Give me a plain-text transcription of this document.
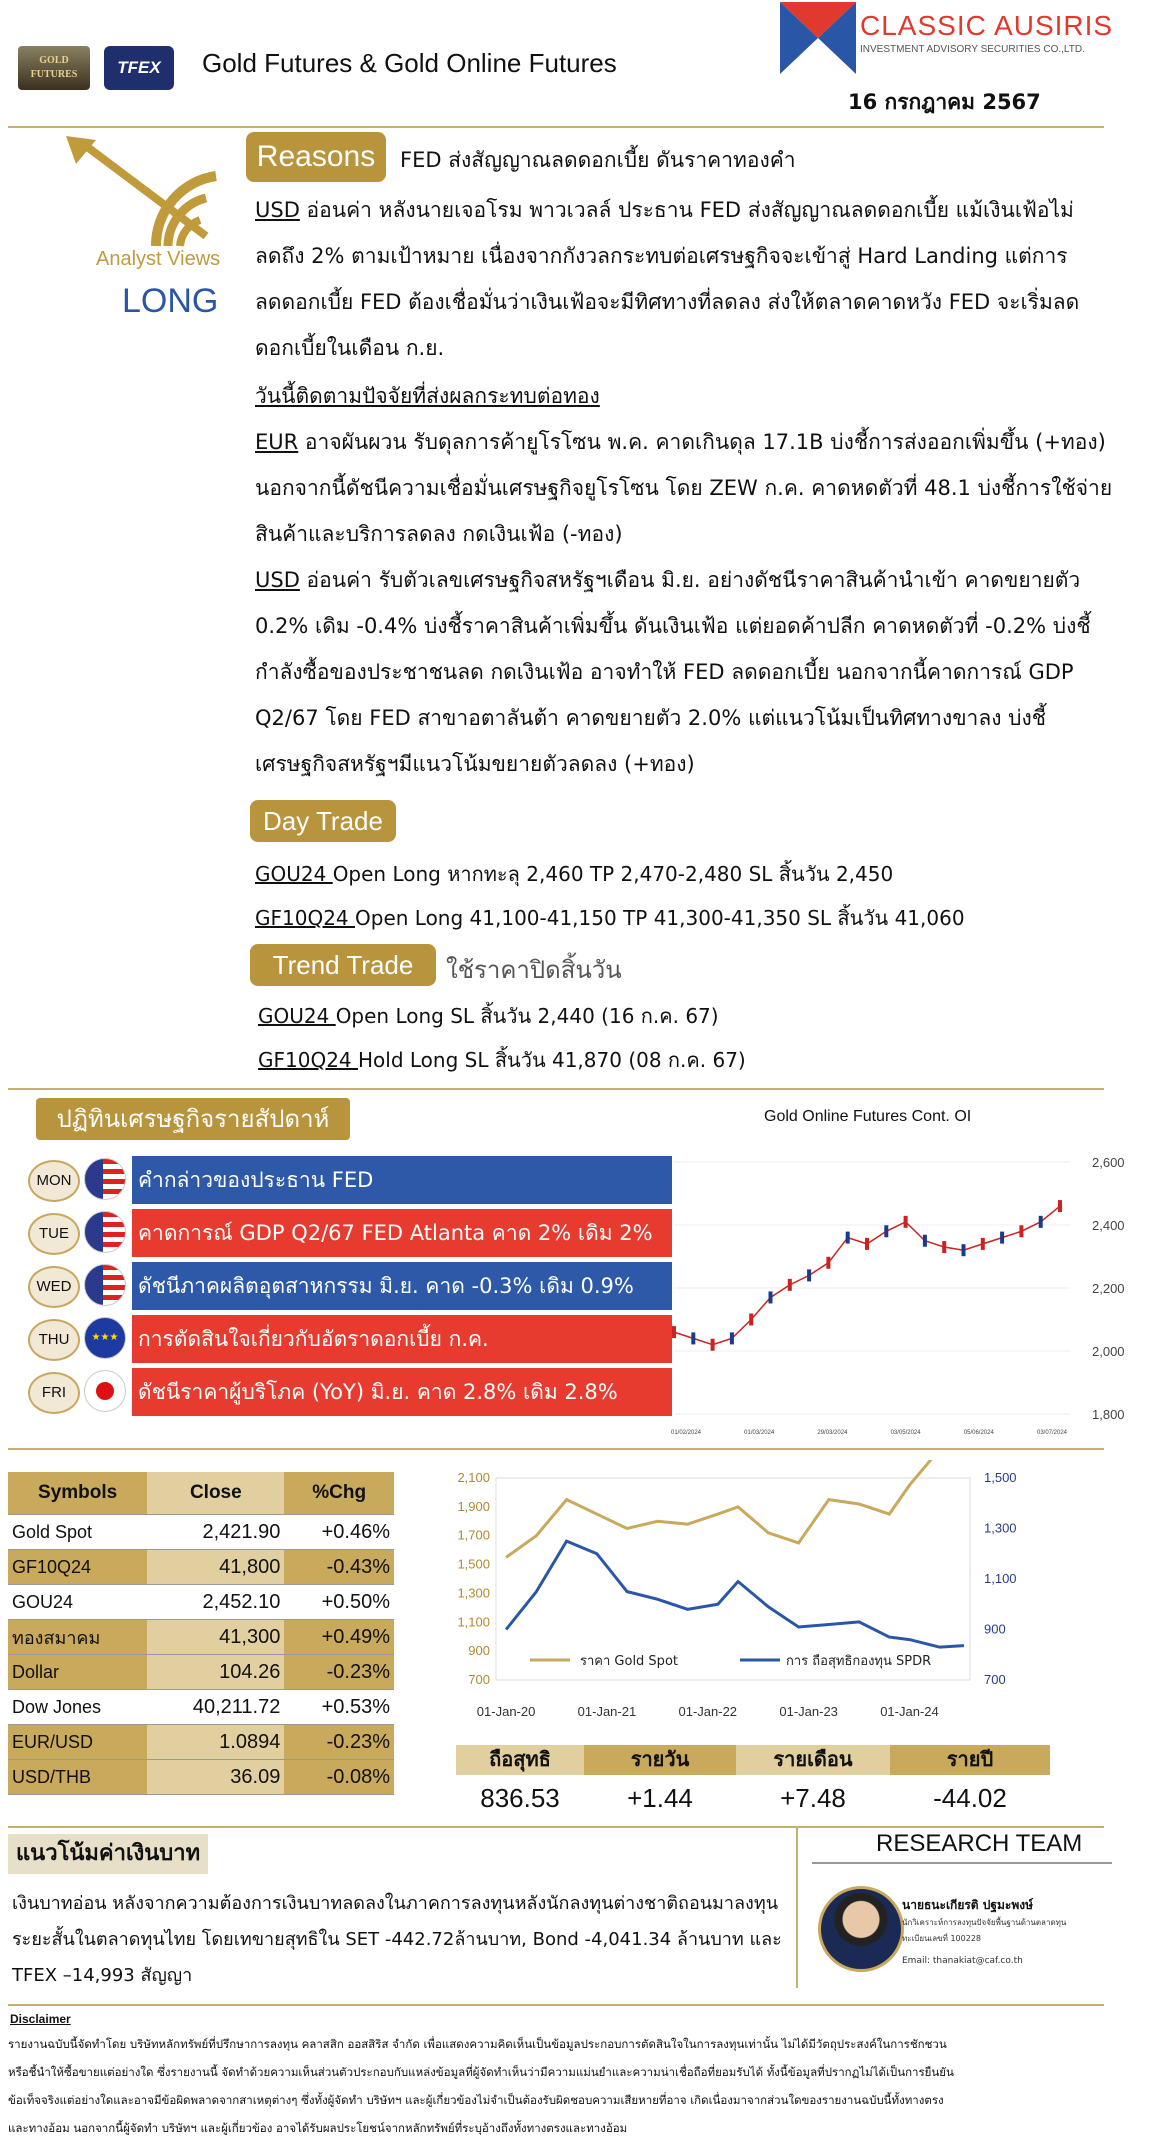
GOLD FUTURES	TFEX	Gold Futures & Gold Online Futures
CLASSIC AUSIRIS
INVESTMENT ADVISORY SECURITIES CO.,LTD.
16 กรกฎาคม 2567
Analyst Views
LONG
Reasons	FED ส่งสัญญาณลดดอกเบี้ย ดันราคาทองคำ
USD อ่อนค่า หลังนายเจอโรม พาวเวลล์ ประธาน FED ส่งสัญญาณลดดอกเบี้ย แม้เงินเฟ้อไม่
ลดถึง 2% ตามเป้าหมาย เนื่องจากกังวลกระทบต่อเศรษฐกิจจะเข้าสู่ Hard Landing แต่การ
ลดดอกเบี้ย FED ต้องเชื่อมั่นว่าเงินเฟ้อจะมีทิศทางที่ลดลง ส่งให้ตลาดคาดหวัง FED จะเริ่มลด
ดอกเบี้ยในเดือน ก.ย.
วันนี้ติดตามปัจจัยที่ส่งผลกระทบต่อทอง
EUR อาจผันผวน รับดุลการค้ายูโรโซน พ.ค. คาดเกินดุล 17.1B บ่งชี้การส่งออกเพิ่มขึ้น (+ทอง)
นอกจากนี้ดัชนีความเชื่อมั่นเศรษฐกิจยูโรโซน โดย ZEW ก.ค. คาดหดตัวที่ 48.1 บ่งชี้การใช้จ่าย
สินค้าและบริการลดลง กดเงินเฟ้อ (-ทอง)
USD อ่อนค่า รับตัวเลขเศรษฐกิจสหรัฐฯเดือน มิ.ย. อย่างดัชนีราคาสินค้านำเข้า คาดขยายตัว
0.2% เดิม -0.4% บ่งชี้ราคาสินค้าเพิ่มขึ้น ดันเงินเฟ้อ แต่ยอดค้าปลีก คาดหดตัวที่ -0.2% บ่งชี้
กำลังซื้อของประชาชนลด กดเงินเฟ้อ อาจทำให้ FED ลดดอกเบี้ย นอกจากนี้คาดการณ์ GDP
Q2/67 โดย FED สาขาอตาลันต้า คาดขยายตัว 2.0% แต่แนวโน้มเป็นทิศทางขาลง บ่งชี้
เศรษฐกิจสหรัฐฯมีแนวโน้มขยายตัวลดลง (+ทอง)
Day Trade
GOU24 Open Long หากทะลุ 2,460 TP 2,470-2,480 SL สิ้นวัน 2,450
GF10Q24 Open Long 41,100-41,150 TP 41,300-41,350 SL สิ้นวัน 41,060
Trend Trade	ใช้ราคาปิดสิ้นวัน
GOU24 Open Long SL สิ้นวัน 2,440 (16 ก.ค. 67)
GF10Q24 Hold Long SL สิ้นวัน 41,870 (08 ก.ค. 67)
ปฏิทินเศรษฐกิจรายสัปดาห์
MON	คำกล่าวของประธาน FED
TUE	คาดการณ์ GDP Q2/67 FED Atlanta คาด 2% เดิม 2%
WED	ดัชนีภาคผลิตอุตสาหกรรม มิ.ย. คาด -0.3% เดิม 0.9%
THU	★★★ การตัดสินใจเกี่ยวกับอัตราดอกเบี้ย ก.ค.
FRI	ดัชนีราคาผู้บริโภค (YoY) มิ.ย. คาด 2.8% เดิม 2.8%
Gold Online Futures Cont. OI
2,600
2,400
2,200
2,000
1,800
01/02/2024	01/03/2024	29/03/2024	03/05/2024	05/06/2024	03/07/2024
Symbols	Close	%Chg
Gold Spot	2,421.90	+0.46%
GF10Q24	41,800	-0.43%
GOU24	2,452.10	+0.50%
ทองสมาคม	41,300	+0.49%
Dollar	104.26	-0.23%
Dow Jones	40,211.72	+0.53%
EUR/USD	1.0894	-0.23%
USD/THB	36.09	-0.08%
2,100
1,900
1,700
1,500
1,300
1,100
900
700
1,500
1,300
1,100
900
700
01-Jan-20	01-Jan-21	01-Jan-22	01-Jan-23	01-Jan-24
ราคา Gold Spot	การ ถือสุทธิกองทุน SPDR
ถือสุทธิ	รายวัน	รายเดือน	รายปี
836.53	+1.44	+7.48	-44.02
แนวโน้มค่าเงินบาท
เงินบาทอ่อน หลังจากความต้องการเงินบาทลดลงในภาคการลงทุนหลังนักลงทุนต่างชาติถอนมาลงทุน
ระยะสั้นในตลาดทุนไทย โดยเทขายสุทธิใน SET -442.72ล้านบาท, Bond -4,041.34 ล้านบาท และ
TFEX –14,993 สัญญา
RESEARCH TEAM
นายธนะเกียรติ ปฐมะพงษ์
นักวิเคราะห์การลงทุนปัจจัยพื้นฐานด้านตลาดทุน
ทะเบียนเลขที่ 100228
Email: thanakiat@caf.co.th
Disclaimer
รายงานฉบับนี้จัดทำโดย บริษัทหลักทรัพย์ที่ปรึกษาการลงทุน คลาสสิก ออสสิริส จำกัด เพื่อแสดงความคิดเห็นเป็นข้อมูลประกอบการตัดสินใจในการลงทุนเท่านั้น ไม่ได้มีวัตถุประสงค์ในการชักชวน
หรือชี้นำให้ซื้อขายแต่อย่างใด ซึ่งรายงานนี้ จัดทำด้วยความเห็นส่วนตัวประกอบกับแหล่งข้อมูลที่ผู้จัดทำเห็นว่ามีความแม่นยำและความน่าเชื่อถือที่ยอมรับได้ ทั้งนี้ข้อมูลที่ปรากฏไม่ได้เป็นการยืนยัน
ข้อเท็จจริงแต่อย่างใดและอาจมีข้อผิดพลาดจากสาเหตุต่างๆ ซึ่งทั้งผู้จัดทำ บริษัทฯ และผู้เกี่ยวข้องไม่จำเป็นต้องรับผิดชอบความเสียหายที่อาจ เกิดเนื่องมาจากส่วนใดของรายงานฉบับนี้ทั้งทางตรง
และทางอ้อม นอกจากนี้ผู้จัดทำ บริษัทฯ และผู้เกี่ยวข้อง อาจได้รับผลประโยชน์จากหลักทรัพย์ที่ระบุอ้างถึงทั้งทางตรงและทางอ้อม
